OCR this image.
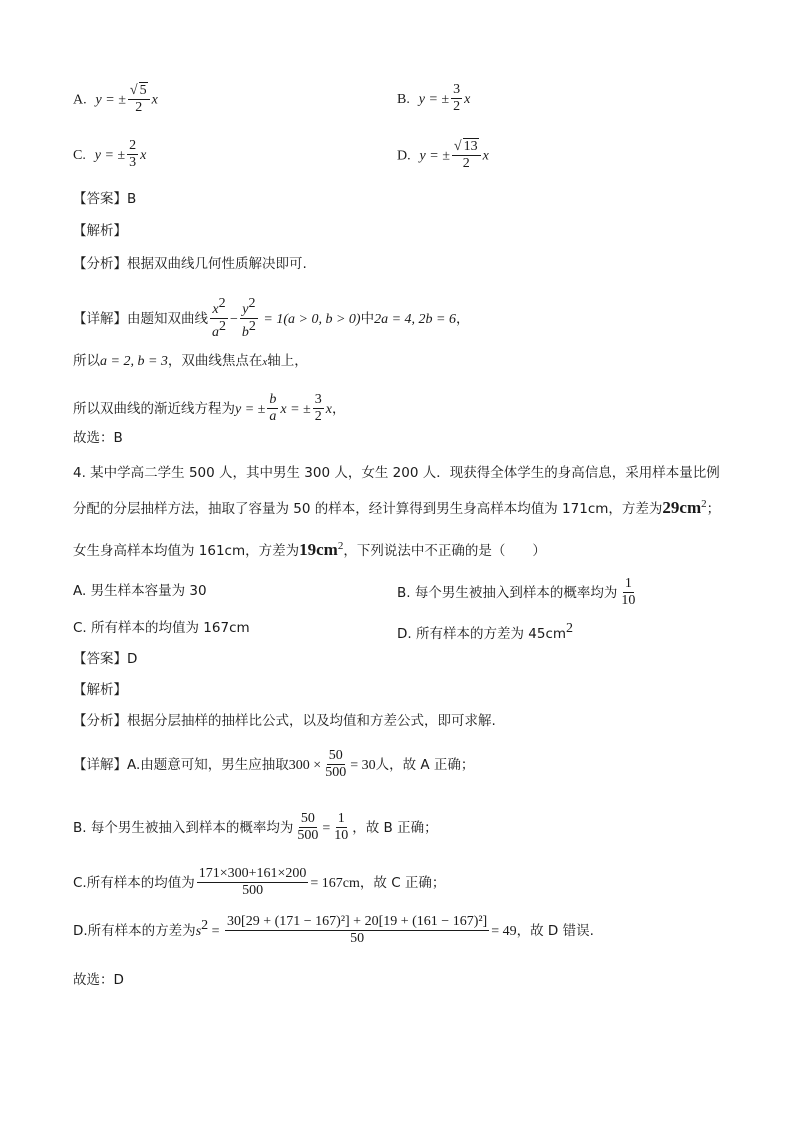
A. y = ± $\frac{√ 5}{2}$ x	B. y = ± $\frac{3}{2}$ x
C. y = ± $\frac{2}{3}$ x	D. y = ± $\frac{√ 13}{2}$ x
【答案】B
【解析】
【分析】根据双曲线几何性质解决即可.
【详解】由题知双曲线 $\frac{x^2}{a^2} - \frac{y^2}{b^2} = 1(a > 0$, b > 0)中2a = 4, 2b = 6，
所以a = 2, b = 3，双曲线焦点在x轴上，
所以双曲线的渐近线方程为y = ± $\frac{b}{a}$ x = ± $\frac{3}{2}$ x，
故选：B
4. 某中学高二学生 500 人，其中男生 300 人，女生 200 人．现获得全体学生的身高信息，采用样本量比例
分配的分层抽样方法，抽取了容量为 50 的样本，经计算得到男生身高样本均值为 171cm，方差为$29cm^2$；
女生身高样本均值为 161cm，方差为$19cm^2$，下列说法中不正确的是（　　）
A. 男生样本容量为 30	B. 每个男生被抽入到样本的概率均为 $\frac{1}{10}$
C. 所有样本的均值为 167cm	D. 所有样本的方差为 $45cm^2$
【答案】D
【解析】
【分析】根据分层抽样的抽样比公式，以及均值和方差公式，即可求解.
【详解】A.由题意可知，男生应抽取$300 \times \frac{50}{500} = 30$人，故 A 正确；
B. 每个男生被抽入到样本的概率均为 $\frac{50}{500} = \frac{1}{10}$ ，故 B 正确；
C.所有样本的均值为 $\frac{171\times 300+161\times 200}{500} = 167cm$，故 C 正确；
D.所有样本的方差为$s^2 = \frac{\text{30[29 + (171 − 167)²] + 20[19 + (161 − 167)²]}}{50} = 49$，故 D 错误.
故选：D
